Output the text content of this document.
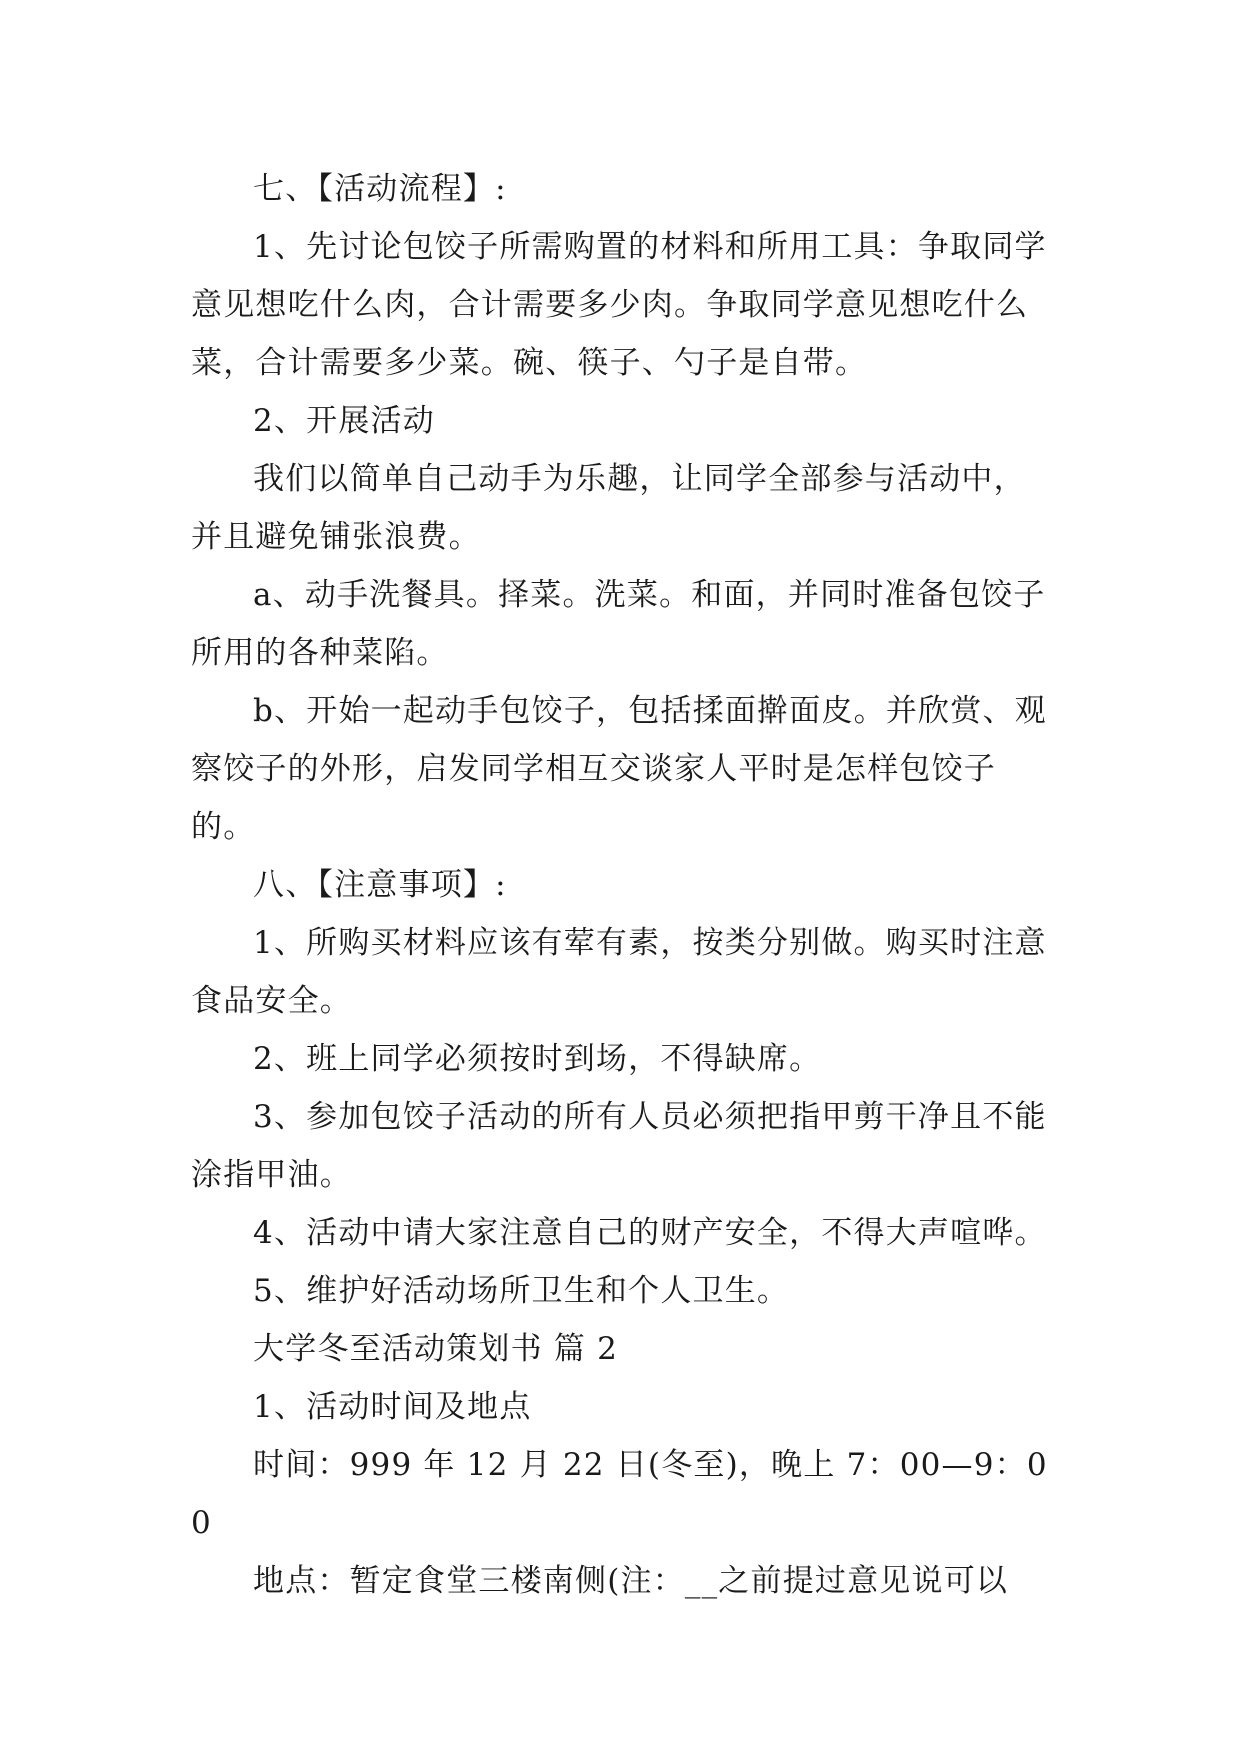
七、【活动流程】:

1、先讨论包饺子所需购置的材料和所用工具：争取同学意见想吃什么肉，合计需要多少肉。争取同学意见想吃什么菜，合计需要多少菜。碗、筷子、勺子是自带。

2、开展活动

我们以简单自己动手为乐趣，让同学全部参与活动中，并且避免铺张浪费。

a、动手洗餐具。择菜。洗菜。和面，并同时准备包饺子所用的各种菜陷。

b、开始一起动手包饺子，包括揉面擀面皮。并欣赏、观察饺子的外形，启发同学相互交谈家人平时是怎样包饺子的。

八、【注意事项】:

1、所购买材料应该有荤有素，按类分别做。购买时注意食品安全。

2、班上同学必须按时到场，不得缺席。

3、参加包饺子活动的所有人员必须把指甲剪干净且不能涂指甲油。

4、活动中请大家注意自己的财产安全，不得大声喧哗。

5、维护好活动场所卫生和个人卫生。

大学冬至活动策划书 篇 2

1、活动时间及地点

时间：999 年 12 月 22 日(冬至)，晚上 7：00—9：00

地点：暂定食堂三楼南侧(注：__之前提过意见说可以
